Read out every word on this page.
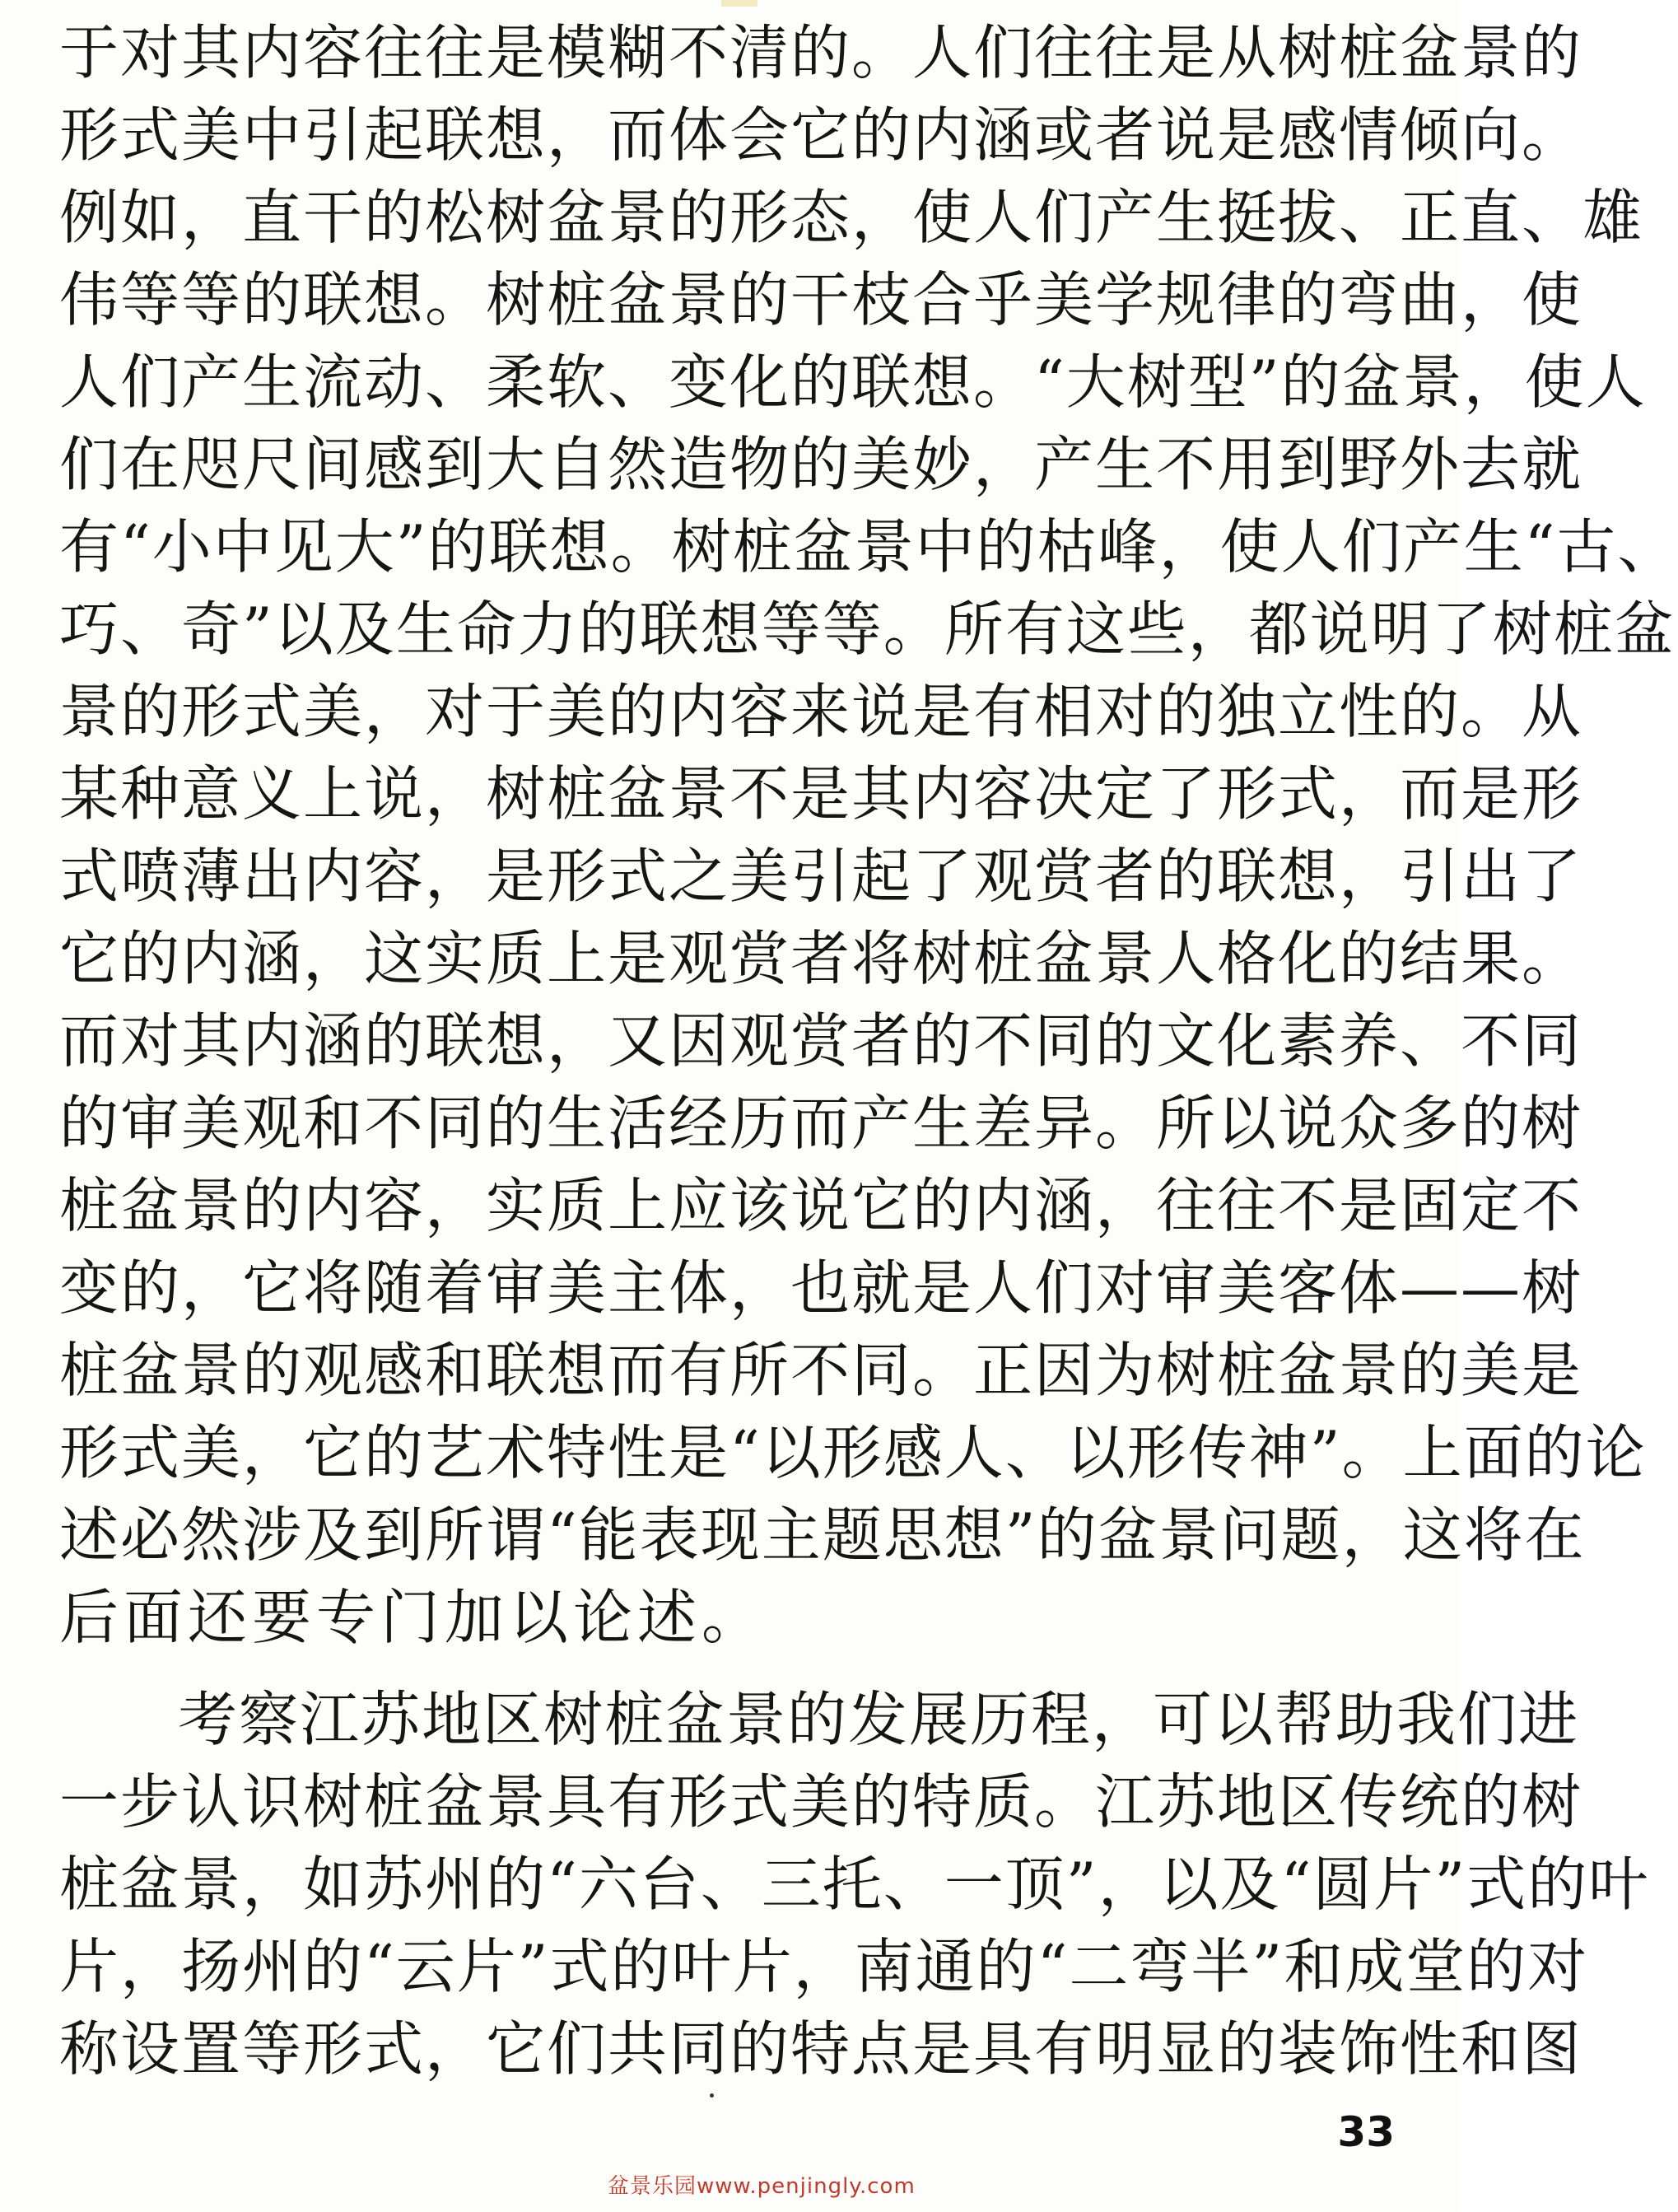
于对其内容往往是模糊不清的。人们往往是从树桩盆景的
形式美中引起联想，而体会它的内涵或者说是感情倾向。
例如，直干的松树盆景的形态，使人们产生挺拔、正直、雄
伟等等的联想。树桩盆景的干枝合乎美学规律的弯曲，使
人们产生流动、柔软、变化的联想。“大树型”的盆景，使人
们在咫尺间感到大自然造物的美妙，产生不用到野外去就
有“小中见大”的联想。树桩盆景中的枯峰，使人们产生“古、
巧、奇”以及生命力的联想等等。所有这些，都说明了树桩盆
景的形式美，对于美的内容来说是有相对的独立性的。从
某种意义上说，树桩盆景不是其内容决定了形式，而是形
式喷薄出内容，是形式之美引起了观赏者的联想，引出了
它的内涵，这实质上是观赏者将树桩盆景人格化的结果。
而对其内涵的联想，又因观赏者的不同的文化素养、不同
的审美观和不同的生活经历而产生差异。所以说众多的树
桩盆景的内容，实质上应该说它的内涵，往往不是固定不
变的，它将随着审美主体，也就是人们对审美客体——树
桩盆景的观感和联想而有所不同。正因为树桩盆景的美是
形式美，它的艺术特性是“以形感人、以形传神”。上面的论
述必然涉及到所谓“能表现主题思想”的盆景问题，这将在
后面还要专门加以论述。
考察江苏地区树桩盆景的发展历程，可以帮助我们进
一步认识树桩盆景具有形式美的特质。江苏地区传统的树
桩盆景，如苏州的“六台、三托、一顶”，以及“圆片”式的叶
片，扬州的“云片”式的叶片，南通的“二弯半”和成堂的对
称设置等形式，它们共同的特点是具有明显的装饰性和图
33
盆景乐园www.penjingly.com
